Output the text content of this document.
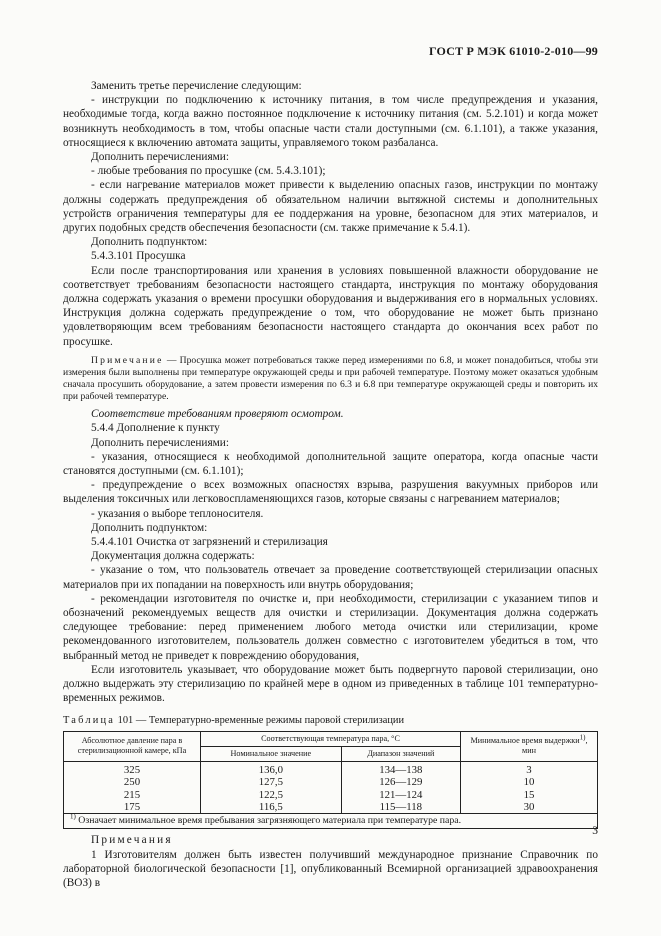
ГОСТ Р МЭК 61010-2-010—99

Заменить третье перечисление следующим:

- инструкции по подключению к источнику питания, в том числе предупреждения и указания, необходимые тогда, когда важно постоянное подключение к источнику питания (см. 5.2.101) и когда может возникнуть необходимость в том, чтобы опасные части стали доступными (см. 6.1.101), а также указания, относящиеся к включению автомата защиты, управляемого током разбаланса.

Дополнить перечислениями:

- любые требования по просушке (см. 5.4.3.101);

- если нагревание материалов может привести к выделению опасных газов, инструкции по монтажу должны содержать предупреждения об обязательном наличии вытяжной системы и дополнительных устройств ограничения температуры для ее поддержания на уровне, безопасном для этих материалов, и других подобных средств обеспечения безопасности (см. также примечание к 5.4.1).

Дополнить подпунктом:

5.4.3.101 Просушка

Если после транспортирования или хранения в условиях повышенной влажности оборудование не соответствует требованиям безопасности настоящего стандарта, инструкция по монтажу оборудования должна содержать указания о времени просушки оборудования и выдерживания его в нормальных условиях. Инструкция должна содержать предупреждение о том, что оборудование не может быть признано удовлетворяющим всем требованиям безопасности настоящего стандарта до окончания всех работ по просушке.

Примечание — Просушка может потребоваться также перед измерениями по 6.8, и может понадобиться, чтобы эти измерения были выполнены при температуре окружающей среды и при рабочей температуре. Поэтому может оказаться удобным сначала просушить оборудование, а затем провести измерения по 6.3 и 6.8 при температуре окружающей среды и повторить их при рабочей температуре.

Соответствие требованиям проверяют осмотром.

5.4.4 Дополнение к пункту

Дополнить перечислениями:

- указания, относящиеся к необходимой дополнительной защите оператора, когда опасные части становятся доступными (см. 6.1.101);

- предупреждение о всех возможных опасностях взрыва, разрушения вакуумных приборов или выделения токсичных или легковоспламеняющихся газов, которые связаны с нагреванием материалов;

- указания о выборе теплоносителя.

Дополнить подпунктом:

5.4.4.101 Очистка от загрязнений и стерилизация

Документация должна содержать:

- указание о том, что пользователь отвечает за проведение соответствующей стерилизации опасных материалов при их попадании на поверхность или внутрь оборудования;

- рекомендации изготовителя по очистке и, при необходимости, стерилизации с указанием типов и обозначений рекомендуемых веществ для очистки и стерилизации. Документация должна содержать следующее требование: перед применением любого метода очистки или стерилизации, кроме рекомендованного изготовителем, пользователь должен совместно с изготовителем убедиться в том, что выбранный метод не приведет к повреждению оборудования,

Если изготовитель указывает, что оборудование может быть подвергнуто паровой стерилизации, оно должно выдержать эту стерилизацию по крайней мере в одном из приведенных в таблице 101 температурно-временных режимов.

Таблица 101 — Температурно-временные режимы паровой стерилизации
Абсолютное давление пара в стерилизационной камере, кПа	Соответствующая температура пара, °С		Минимальное время выдержки$^{1)}$, мин
	Номинальное значение	Диапазон значений	
325	136,0	134—138	3
250	127,5	126—129	10
215	122,5	121—124	15
175	116,5	115—118	30
$^{1)}$ Означает минимальное время пребывания загрязняющего материала при температуре пара.			

Примечания

1 Изготовителям должен быть известен получивший международное признание Справочник по лабораторной биологической безопасности [1], опубликованный Всемирной организацией здравоохранения (ВОЗ) в

3
